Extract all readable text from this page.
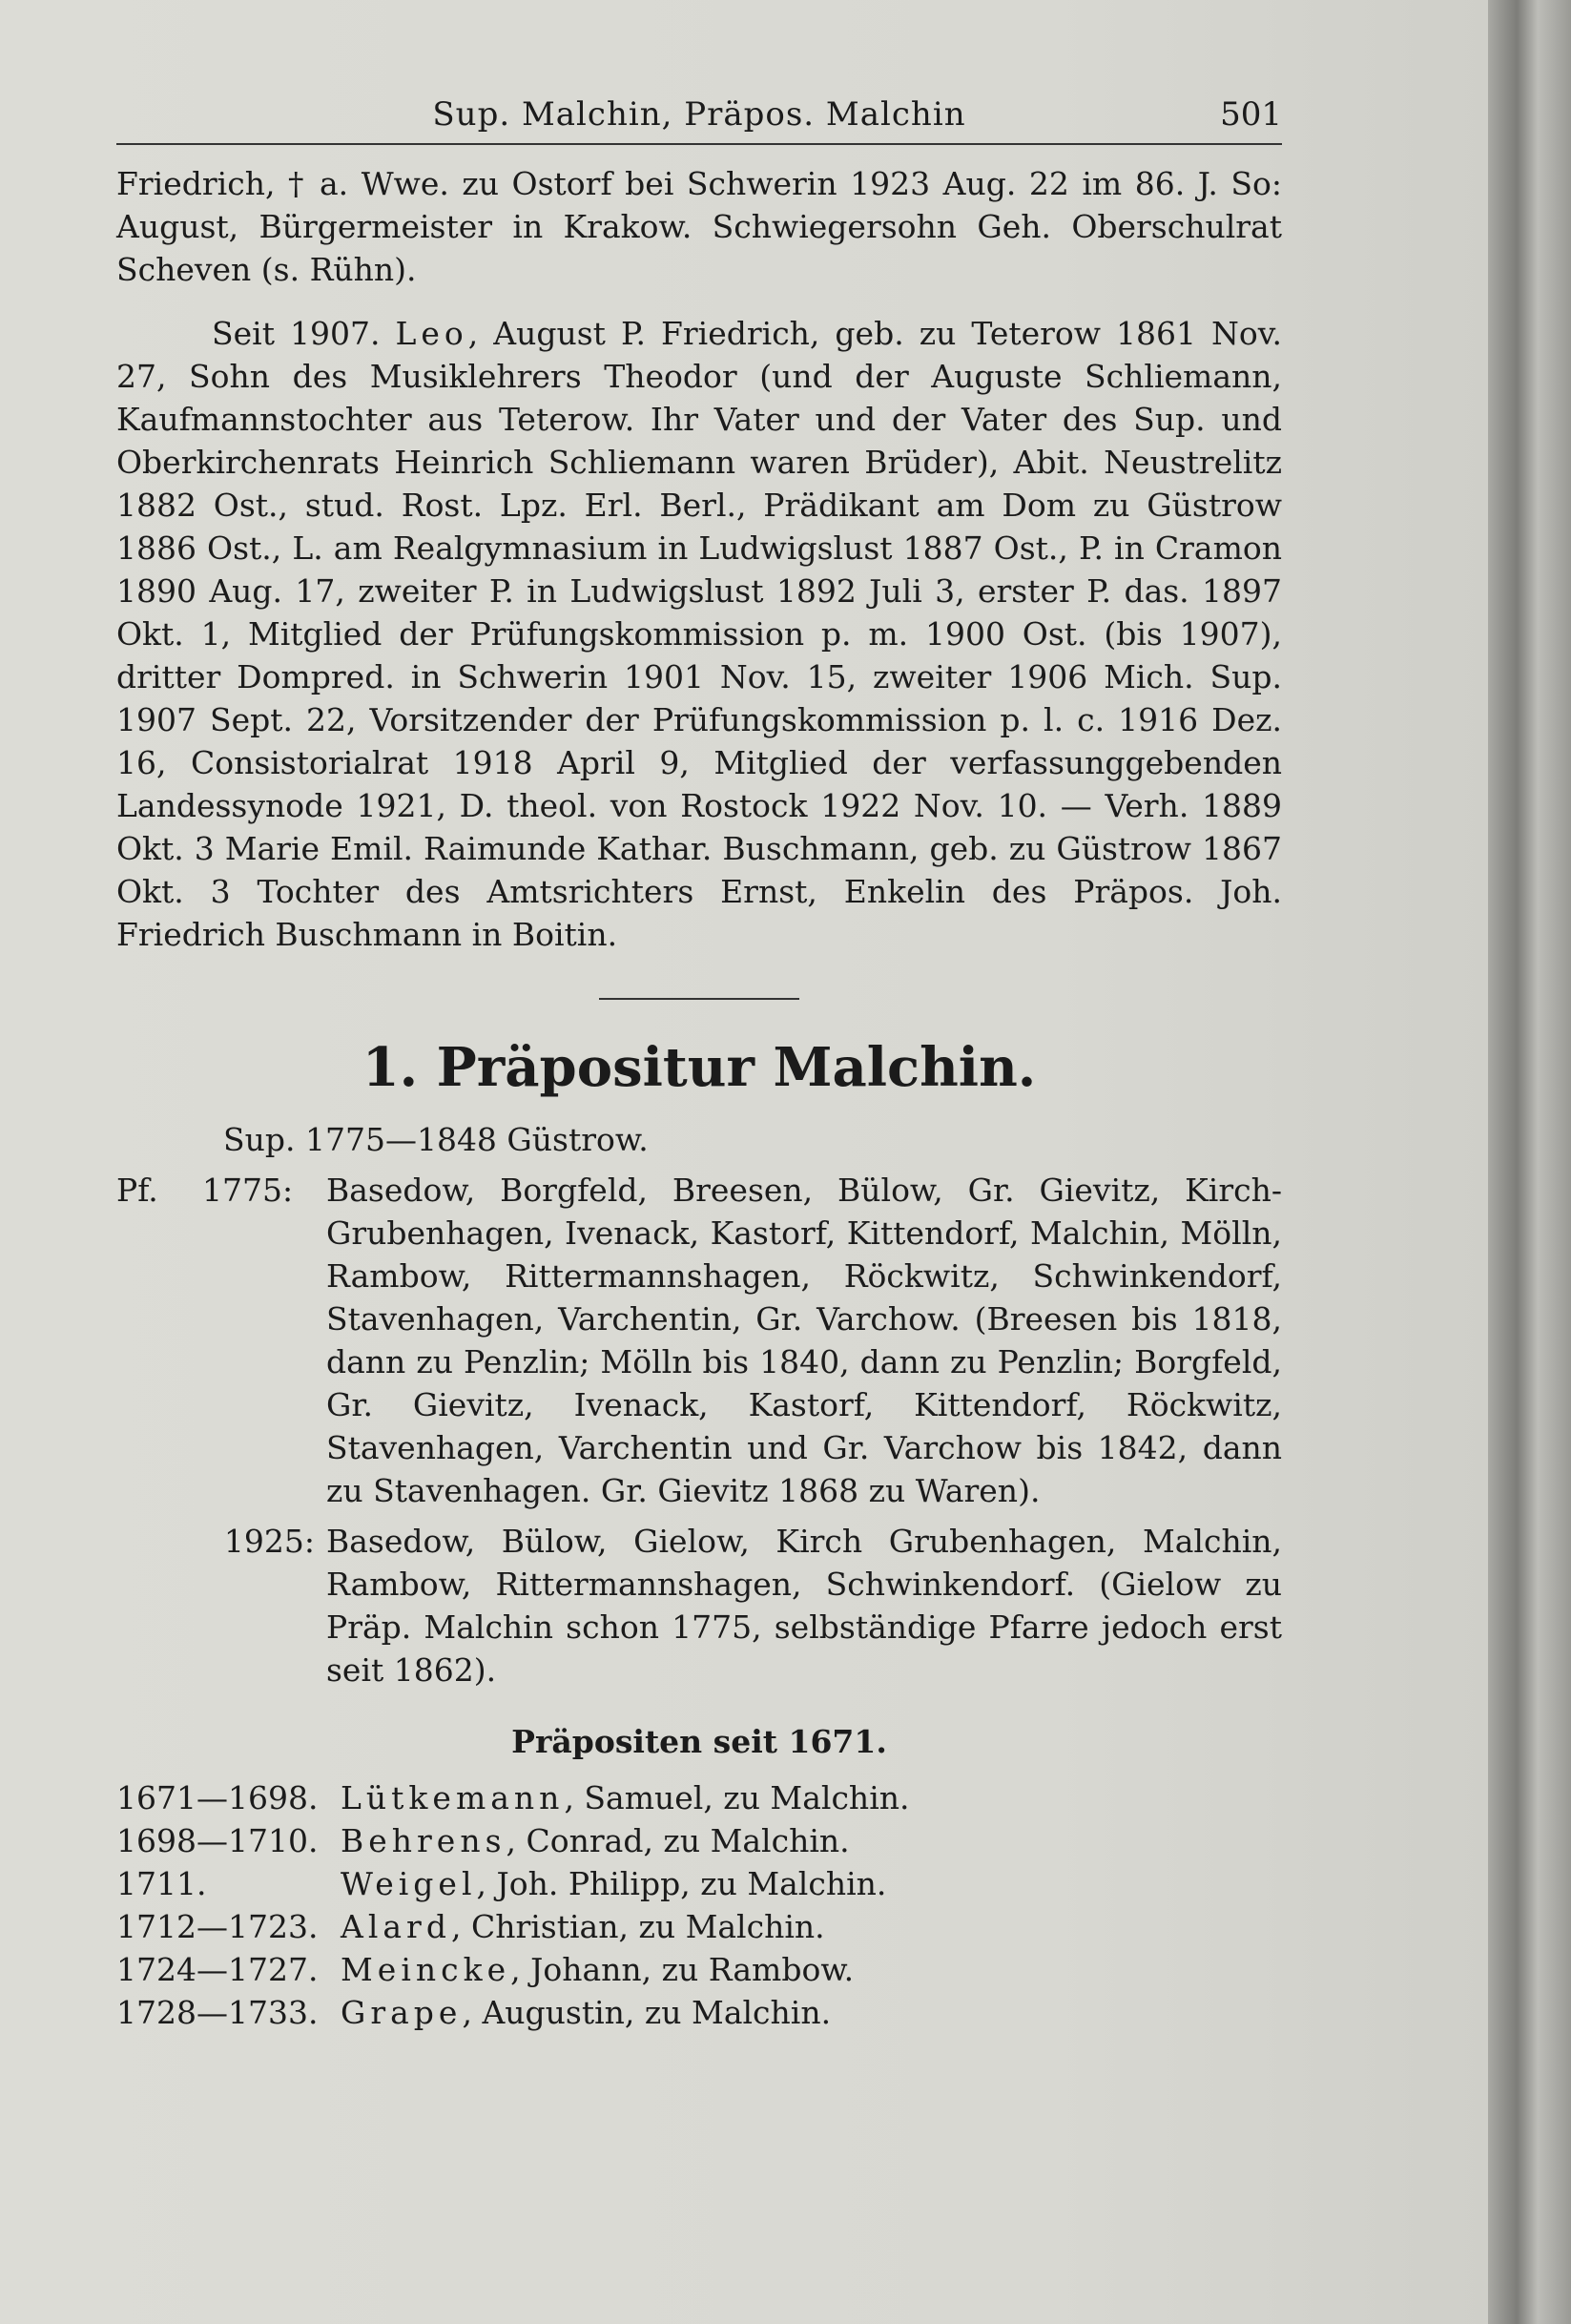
Sup. Malchin, Präpos. Malchin	501

Friedrich, † a. Wwe. zu Ostorf bei Schwerin 1923 Aug. 22 im 86. J. So: August, Bürgermeister in Krakow. Schwiegersohn Geh. Oberschulrat Scheven (s. Rühn).

Seit 1907. Leo, August P. Friedrich, geb. zu Teterow 1861 Nov. 27, Sohn des Musiklehrers Theodor (und der Auguste Schliemann, Kaufmannstochter aus Teterow. Ihr Vater und der Vater des Sup. und Oberkirchenrats Heinrich Schliemann waren Brüder), Abit. Neustrelitz 1882 Ost., stud. Rost. Lpz. Erl. Berl., Prädikant am Dom zu Güstrow 1886 Ost., L. am Realgymnasium in Ludwigslust 1887 Ost., P. in Cramon 1890 Aug. 17, zweiter P. in Ludwigslust 1892 Juli 3, erster P. das. 1897 Okt. 1, Mitglied der Prüfungskommission p. m. 1900 Ost. (bis 1907), dritter Dompred. in Schwerin 1901 Nov. 15, zweiter 1906 Mich. Sup. 1907 Sept. 22, Vorsitzender der Prüfungskommission p. l. c. 1916 Dez. 16, Consistorialrat 1918 April 9, Mitglied der verfassunggebenden Landessynode 1921, D. theol. von Rostock 1922 Nov. 10. — Verh. 1889 Okt. 3 Marie Emil. Raimunde Kathar. Buschmann, geb. zu Güstrow 1867 Okt. 3 Tochter des Amtsrichters Ernst, Enkelin des Präpos. Joh. Friedrich Buschmann in Boitin.

1. Präpositur Malchin.

Sup. 1775—1848 Güstrow.

Pf. 1775:	Basedow, Borgfeld, Breesen, Bülow, Gr. Gievitz, Kirch-Grubenhagen, Ivenack, Kastorf, Kittendorf, Malchin, Mölln, Rambow, Rittermannshagen, Röckwitz, Schwinkendorf, Stavenhagen, Varchentin, Gr. Varchow. (Breesen bis 1818, dann zu Penzlin; Mölln bis 1840, dann zu Penzlin; Borgfeld, Gr. Gievitz, Ivenack, Kastorf, Kittendorf, Röckwitz, Stavenhagen, Varchentin und Gr. Varchow bis 1842, dann zu Stavenhagen. Gr. Gievitz 1868 zu Waren).

1925: Basedow, Bülow, Gielow, Kirch Grubenhagen, Malchin, Rambow, Rittermannshagen, Schwinkendorf. (Gielow zu Präp. Malchin schon 1775, selbständige Pfarre jedoch erst seit 1862).

Präpositen seit 1671.
1671—1698. Lütkemann, Samuel, zu Malchin.
1698—1710. Behrens, Conrad, zu Malchin.
1711.	Weigel, Joh. Philipp, zu Malchin.
1712—1723. Alard, Christian, zu Malchin.
1724—1727. Meincke, Johann, zu Rambow.
1728—1733. Grape, Augustin, zu Malchin.
